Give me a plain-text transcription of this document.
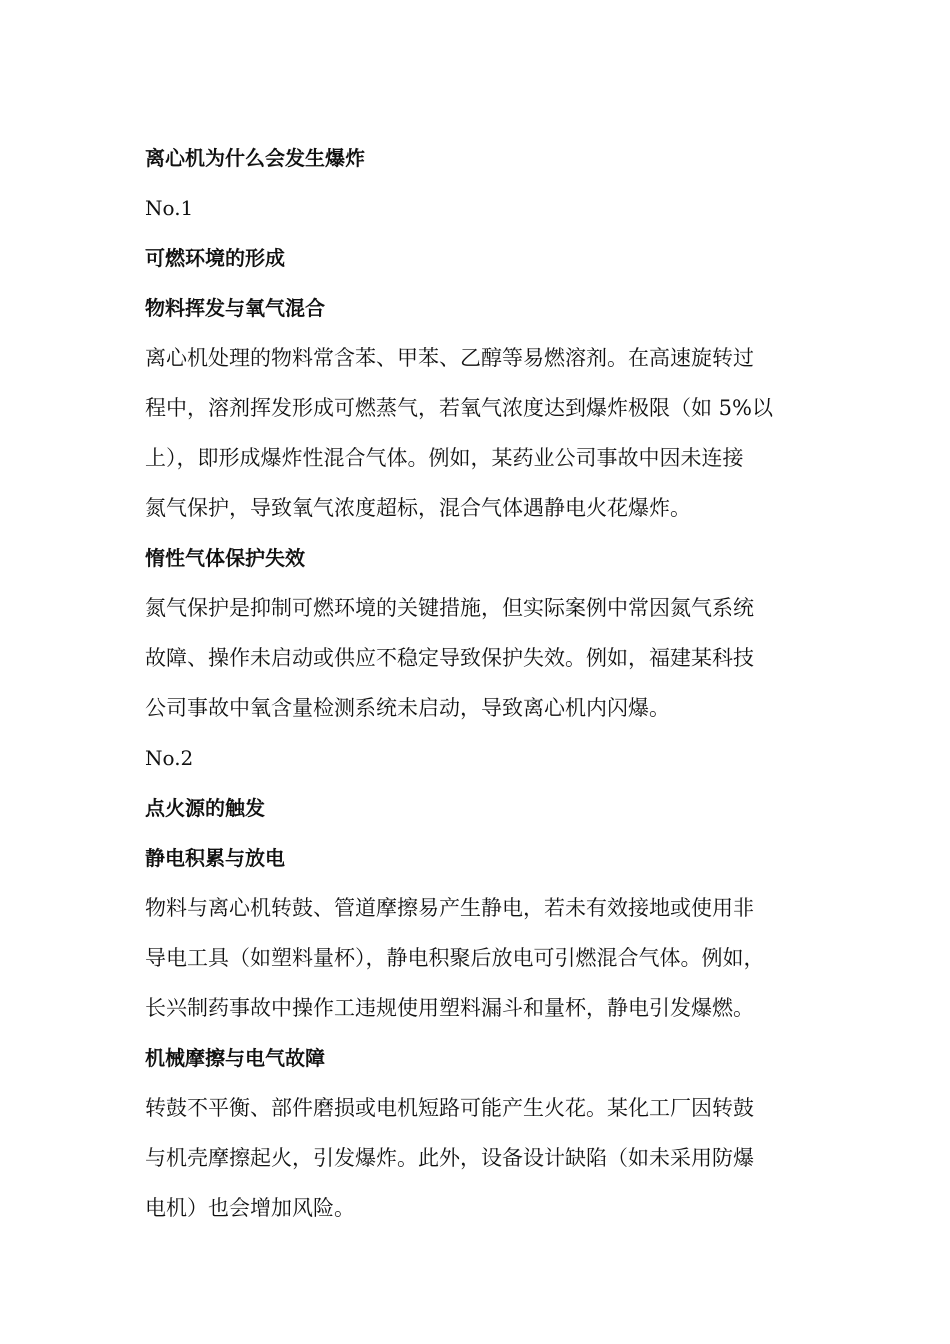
离心机为什么会发生爆炸
No.1
可燃环境的形成
物料挥发与氧气混合
离心机处理的物料常含苯、甲苯、乙醇等易燃溶剂。在高速旋转过
程中，溶剂挥发形成可燃蒸气，若氧气浓度达到爆炸极限（如 5%以
上），即形成爆炸性混合气体。例如，某药业公司事故中因未连接
氮气保护，导致氧气浓度超标，混合气体遇静电火花爆炸。
惰性气体保护失效
氮气保护是抑制可燃环境的关键措施，但实际案例中常因氮气系统
故障、操作未启动或供应不稳定导致保护失效。例如，福建某科技
公司事故中氧含量检测系统未启动，导致离心机内闪爆。
No.2
点火源的触发
静电积累与放电
物料与离心机转鼓、管道摩擦易产生静电，若未有效接地或使用非
导电工具（如塑料量杯），静电积聚后放电可引燃混合气体。例如，
长兴制药事故中操作工违规使用塑料漏斗和量杯，静电引发爆燃。
机械摩擦与电气故障
转鼓不平衡、部件磨损或电机短路可能产生火花。某化工厂因转鼓
与机壳摩擦起火，引发爆炸。此外，设备设计缺陷（如未采用防爆
电机）也会增加风险。
